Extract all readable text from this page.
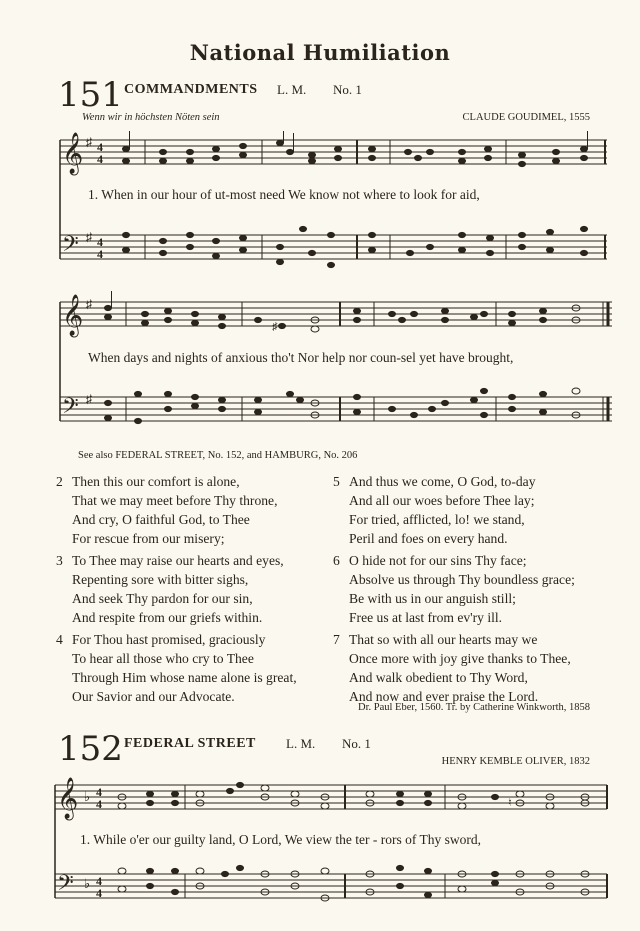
National Humiliation
151 COMMANDMENTS L. M. No. 1
Wenn wir in höchsten Nöten sein	CLAUDE GOUDIMEL, 1555
𝄞
𝄢
♯
♯
4
4
4
4
1. When in our hour of ut-most need We know not where to look for aid,
𝄞
𝄢
♯
♯
♯
When days and nights of anxious tho't Nor help nor coun-sel yet have brought,
See also FEDERAL STREET, No. 152, and HAMBURG, No. 206
2 Then this our comfort is alone,
That we may meet before Thy throne,
And cry, O faithful God, to Thee
For rescue from our misery;
3 To Thee may raise our hearts and eyes,
Repenting sore with bitter sighs,
And seek Thy pardon for our sin,
And respite from our griefs within.
4 For Thou hast promised, graciously
To hear all those who cry to Thee
Through Him whose name alone is great,
Our Savior and our Advocate.
5 And thus we come, O God, to-day
And all our woes before Thee lay;
For tried, afflicted, lo! we stand,
Peril and foes on every hand.
6 O hide not for our sins Thy face;
Absolve us through Thy boundless grace;
Be with us in our anguish still;
Free us at last from ev'ry ill.
7 That so with all our hearts may we
Once more with joy give thanks to Thee,
And walk obedient to Thy Word,
And now and ever praise the Lord.
Dr. Paul Eber, 1560. Tr. by Catherine Winkworth, 1858
152 FEDERAL STREET L. M. No. 1
HENRY KEMBLE OLIVER, 1832
𝄞
𝄢
♭
♭
4
4
4
4
♮
1. While o'er our guilty land, O Lord, We view the ter - rors of Thy sword,
